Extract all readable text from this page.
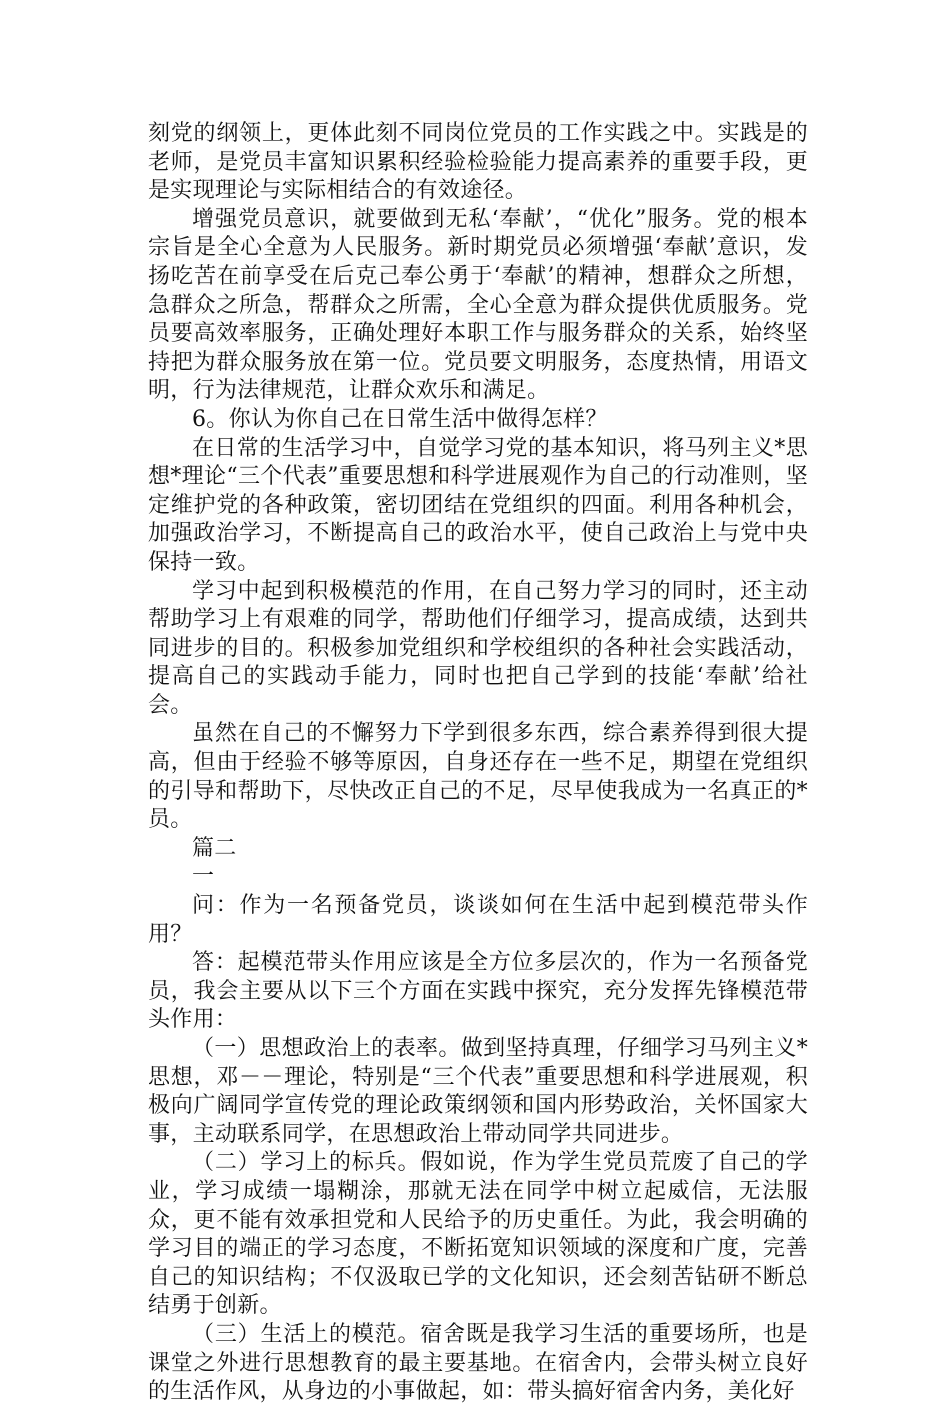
刻党的纲领上，更体此刻不同岗位党员的工作实践之中。实践是的老师，是党员丰富知识累积经验检验能力提高素养的重要手段，更是实现理论与实际相结合的有效途径。

增强党员意识，就要做到无私‘奉献’，“优化”服务。党的根本宗旨是全心全意为人民服务。新时期党员必须增强‘奉献’意识，发扬吃苦在前享受在后克己奉公勇于‘奉献’的精神，想群众之所想，急群众之所急，帮群众之所需，全心全意为群众提供优质服务。党员要高效率服务，正确处理好本职工作与服务群众的关系，始终坚持把为群众服务放在第一位。党员要文明服务，态度热情，用语文明，行为法律规范，让群众欢乐和满足。

6。你认为你自己在日常生活中做得怎样？

在日常的生活学习中，自觉学习党的基本知识，将马列主义*思想*理论“三个代表”重要思想和科学进展观作为自己的行动准则，坚定维护党的各种政策，密切团结在党组织的四面。利用各种机会，加强政治学习，不断提高自己的政治水平，使自己政治上与党中央保持一致。

学习中起到积极模范的作用，在自己努力学习的同时，还主动帮助学习上有艰难的同学，帮助他们仔细学习，提高成绩，达到共同进步的目的。积极参加党组织和学校组织的各种社会实践活动，提高自己的实践动手能力，同时也把自己学到的技能‘奉献’给社会。

虽然在自己的不懈努力下学到很多东西，综合素养得到很大提高，但由于经验不够等原因，自身还存在一些不足，期望在党组织的引导和帮助下，尽快改正自己的不足，尽早使我成为一名真正的*员。

篇二

一

问：作为一名预备党员，谈谈如何在生活中起到模范带头作用？

答：起模范带头作用应该是全方位多层次的，作为一名预备党员，我会主要从以下三个方面在实践中探究，充分发挥先锋模范带头作用：

（一）思想政治上的表率。做到坚持真理，仔细学习马列主义*思想，邓－－理论，特别是“三个代表”重要思想和科学进展观，积极向广阔同学宣传党的理论政策纲领和国内形势政治，关怀国家大事，主动联系同学，在思想政治上带动同学共同进步。

（二）学习上的标兵。假如说，作为学生党员荒废了自己的学业，学习成绩一塌糊涂，那就无法在同学中树立起威信，无法服众，更不能有效承担党和人民给予的历史重任。为此，我会明确的学习目的端正的学习态度，不断拓宽知识领域的深度和广度，完善自己的知识结构；不仅汲取已学的文化知识，还会刻苦钻研不断总结勇于创新。

（三）生活上的模范。宿舍既是我学习生活的重要场所，也是课堂之外进行思想教育的最主要基地。在宿舍内，会带头树立良好的生活作风，从身边的小事做起，如：带头搞好宿舍内务，美化好
